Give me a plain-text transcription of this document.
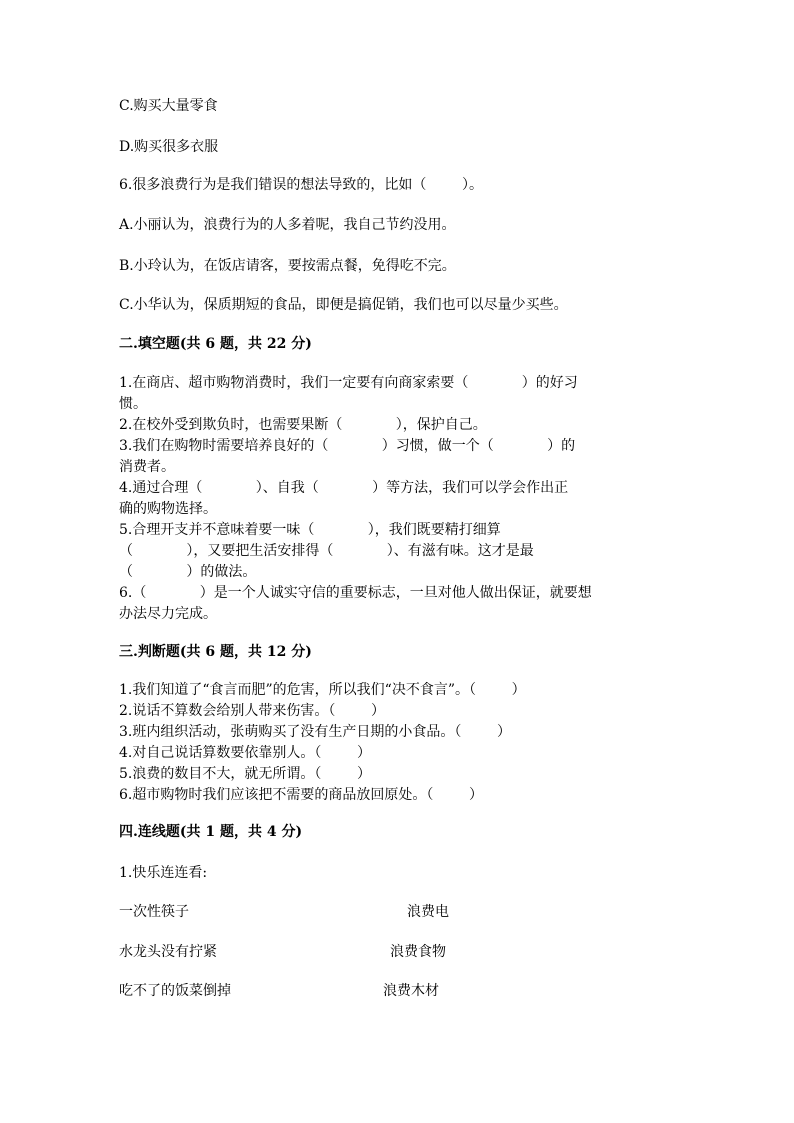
C.购买大量零食
D.购买很多衣服
6.很多浪费行为是我们错误的想法导致的，比如（        ）。
A.小丽认为，浪费行为的人多着呢，我自己节约没用。
B.小玲认为，在饭店请客，要按需点餐，免得吃不完。
C.小华认为，保质期短的食品，即便是搞促销，我们也可以尽量少买些。
二.填空题(共 6 题，共 22 分)
1.在商店、超市购物消费时，我们一定要有向商家索要（            ）的好习
惯。
2.在校外受到欺负时，也需要果断（            ），保护自己。
3.我们在购物时需要培养良好的（            ）习惯，做一个（            ）的
消费者。
4.通过合理（            ）、自我（            ）等方法，我们可以学会作出正
确的购物选择。
5.合理开支并不意味着要一味（            ），我们既要精打细算
（            ），又要把生活安排得（            ）、有滋有味。这才是最
（            ）的做法。
6.（            ）是一个人诚实守信的重要标志，一旦对他人做出保证，就要想
办法尽力完成。
三.判断题(共 6 题，共 12 分)
1.我们知道了“食言而肥”的危害，所以我们“决不食言”。（        ）
2.说话不算数会给别人带来伤害。（        ）
3.班内组织活动，张萌购买了没有生产日期的小食品。（        ）
4.对自己说话算数要依靠别人。（        ）
5.浪费的数目不大，就无所谓。（        ）
6.超市购物时我们应该把不需要的商品放回原处。（        ）
四.连线题(共 1 题，共 4 分)
1.快乐连连看:
一次性筷子	浪费电
水龙头没有拧紧	浪费食物
吃不了的饭菜倒掉	浪费木材
